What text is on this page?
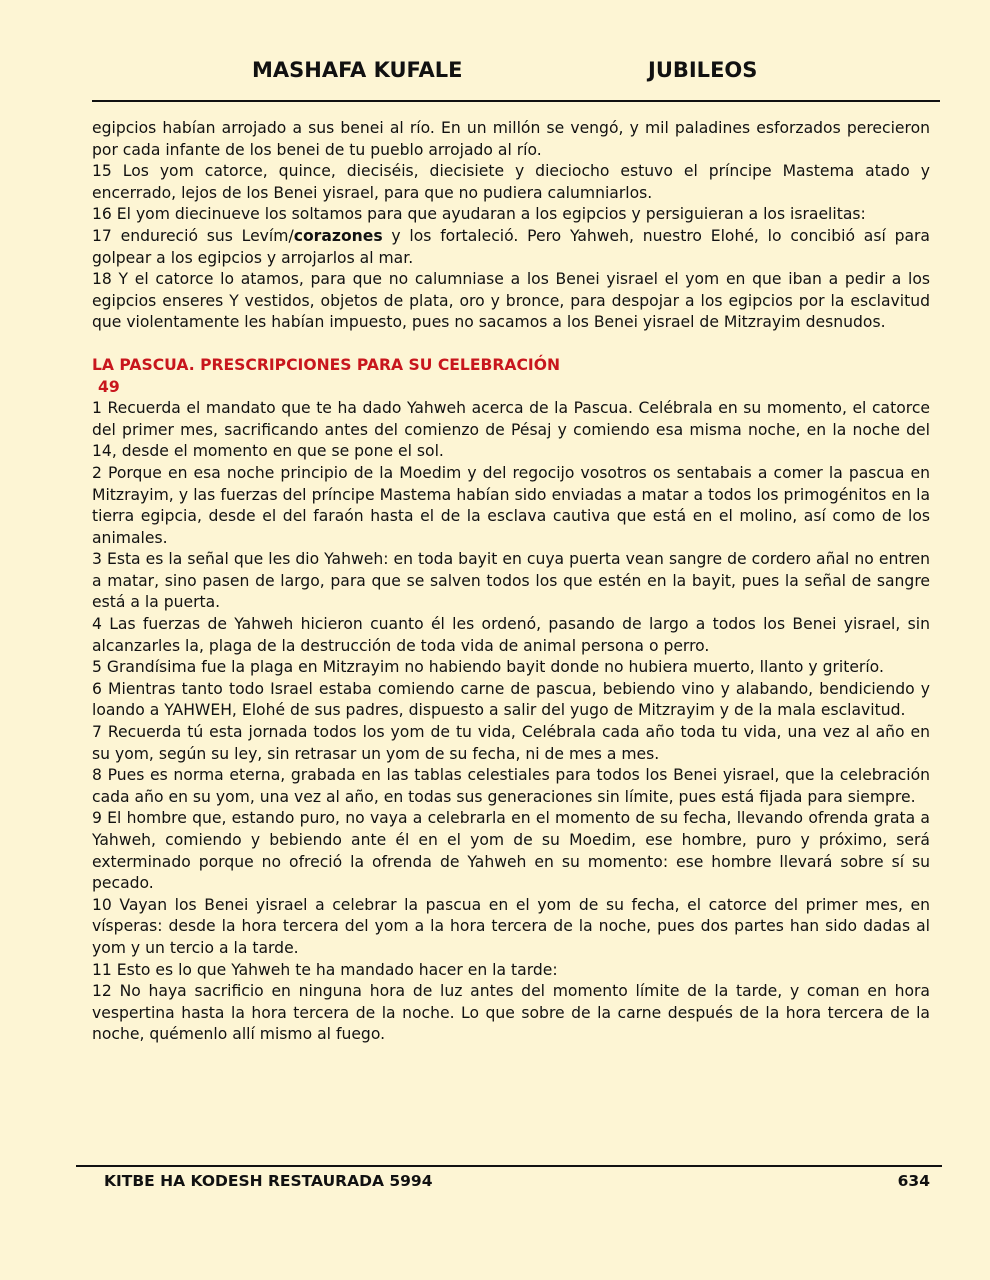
MASHAFA KUFALE	JUBILEOS

egipcios habían arrojado a sus benei al río. En un millón se vengó, y mil paladines esforzados perecieron por cada infante de los benei de tu pueblo arrojado al río.

15 Los yom catorce, quince, dieciséis, diecisiete y dieciocho estuvo el príncipe Mastema atado y encerrado, lejos de los Benei yisrael, para que no pudiera calumniarlos.

16 El yom diecinueve los soltamos para que ayudaran a los egipcios y persiguieran a los israelitas:

17 endureció sus Levím/corazones y los fortaleció. Pero Yahweh, nuestro Elohé, lo concibió así para golpear a los egipcios y arrojarlos al mar.

18 Y el catorce lo atamos, para que no calumniase a los Benei yisrael el yom en que iban a pedir a los egipcios enseres Y vestidos, objetos de plata, oro y bronce, para despojar a los egipcios por la esclavitud que violentamente les habían impuesto, pues no sacamos a los Benei yisrael de Mitzrayim desnudos.

LA PASCUA. PRESCRIPCIONES PARA SU CELEBRACIÓN

49

1 Recuerda el mandato que te ha dado Yahweh acerca de la Pascua. Celébrala en su momento, el catorce del primer mes, sacrificando antes del comienzo de Pésaj y comiendo esa misma noche, en la noche del 14, desde el momento en que se pone el sol.

2 Porque en esa noche principio de la Moedim y del regocijo vosotros os sentabais a comer la pascua en Mitzrayim, y las fuerzas del príncipe Mastema habían sido enviadas a matar a todos los primogénitos en la tierra egipcia, desde el del faraón hasta el de la esclava cautiva que está en el molino, así como de los animales.

3 Esta es la señal que les dio Yahweh: en toda bayit en cuya puerta vean sangre de cordero añal no entren a matar, sino pasen de largo, para que se salven todos los que estén en la bayit, pues la señal de sangre está a la puerta.

4 Las fuerzas de Yahweh hicieron cuanto él les ordenó, pasando de largo a todos los Benei yisrael, sin alcanzarles la, plaga de la destrucción de toda vida de animal persona o perro.

5 Grandísima fue la plaga en Mitzrayim no habiendo bayit donde no hubiera muerto, llanto y griterío.

6 Mientras tanto todo Israel estaba comiendo carne de pascua, bebiendo vino y alabando, bendiciendo y loando a YAHWEH, Elohé de sus padres, dispuesto a salir del yugo de Mitzrayim y de la mala esclavitud.

7 Recuerda tú esta jornada todos los yom de tu vida, Celébrala cada año toda tu vida, una vez al año en su yom, según su ley, sin retrasar un yom de su fecha, ni de mes a mes.

8 Pues es norma eterna, grabada en las tablas celestiales para todos los Benei yisrael, que la celebración cada año en su yom, una vez al año, en todas sus generaciones sin límite, pues está fijada para siempre.

9 El hombre que, estando puro, no vaya a celebrarla en el momento de su fecha, llevando ofrenda grata a Yahweh, comiendo y bebiendo ante él en el yom de su Moedim, ese hombre, puro y próximo, será exterminado porque no ofreció la ofrenda de Yahweh en su momento: ese hombre llevará sobre sí su pecado.

10 Vayan los Benei yisrael a celebrar la pascua en el yom de su fecha, el catorce del primer mes, en vísperas: desde la hora tercera del yom a la hora tercera de la noche, pues dos partes han sido dadas al yom y un tercio a la tarde.

11 Esto es lo que Yahweh te ha mandado hacer en la tarde:

12 No haya sacrificio en ninguna hora de luz antes del momento límite de la tarde, y coman en hora vespertina hasta la hora tercera de la noche. Lo que sobre de la carne después de la hora tercera de la noche, quémenlo allí mismo al fuego.

KITBE HA KODESH RESTAURADA 5994	634
